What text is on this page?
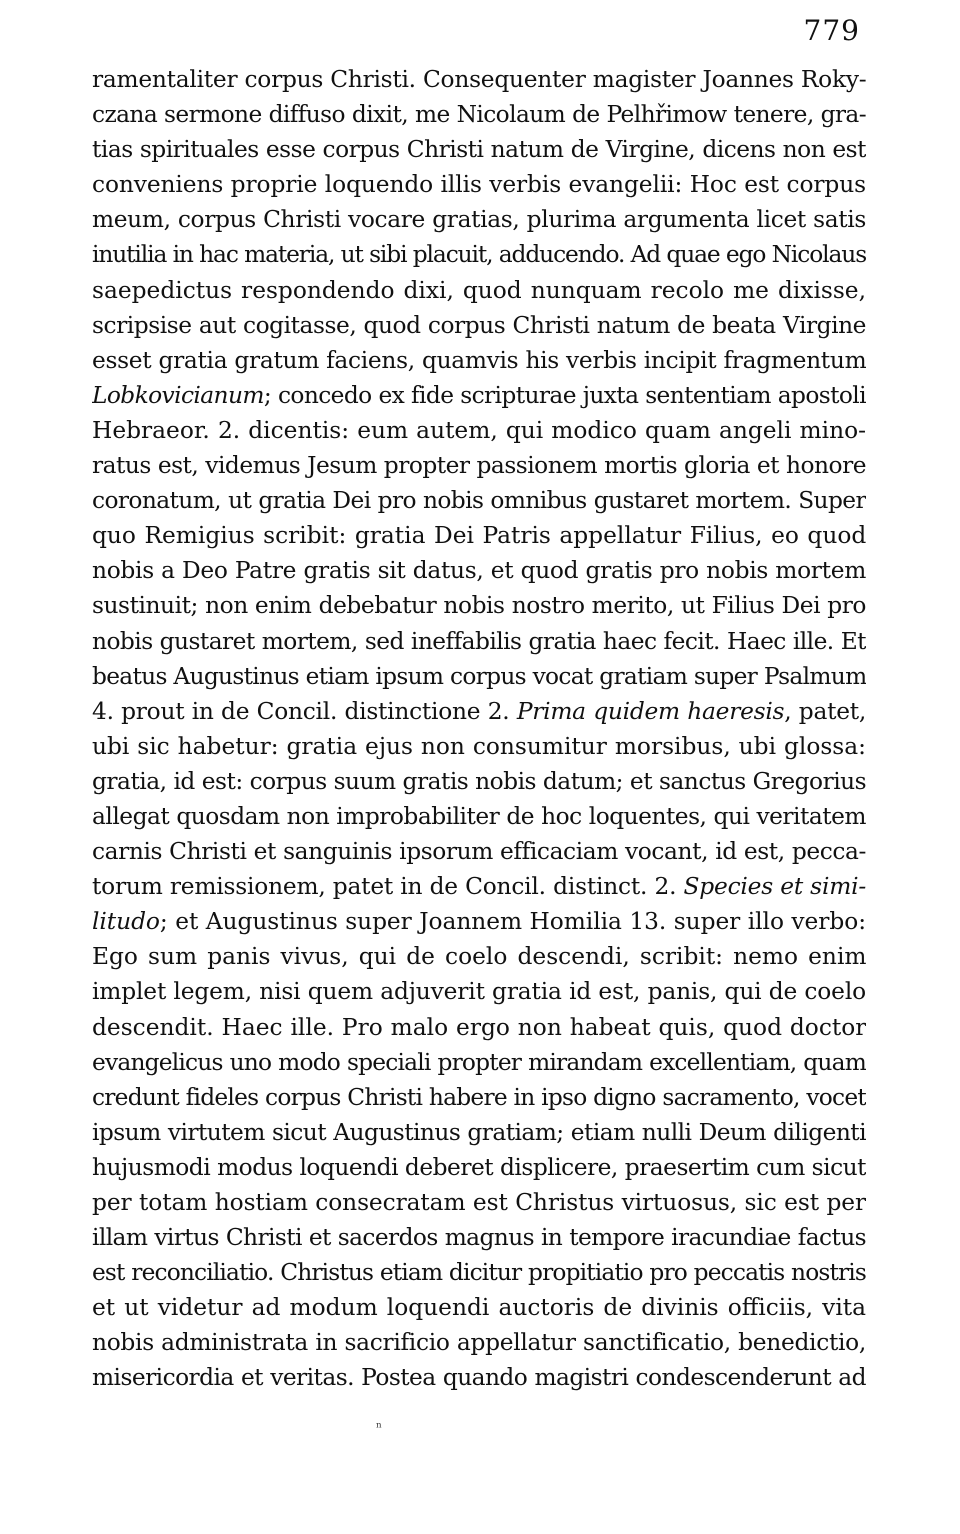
779
ramentaliter corpus Christi. Consequenter magister Joannes Roky-
czana sermone diffuso dixit, me Nicolaum de Pelhřimow tenere, gra-
tias spirituales esse corpus Christi natum de Virgine, dicens non est
conveniens proprie loquendo illis verbis evangelii: Hoc est corpus
meum, corpus Christi vocare gratias, plurima argumenta licet satis
inutilia in hac materia, ut sibi placuit, adducendo. Ad quae ego Nicolaus
saepedictus respondendo dixi, quod nunquam recolo me dixisse,
scripsise aut cogitasse, quod corpus Christi natum de beata Virgine
esset gratia gratum faciens, quamvis his verbis incipit fragmentum
Lobkovicianum; concedo ex fide scripturae juxta sententiam apostoli
Hebraeor. 2. dicentis: eum autem, qui modico quam angeli mino-
ratus est, videmus Jesum propter passionem mortis gloria et honore
coronatum, ut gratia Dei pro nobis omnibus gustaret mortem. Super
quo Remigius scribit: gratia Dei Patris appellatur Filius, eo quod
nobis a Deo Patre gratis sit datus, et quod gratis pro nobis mortem
sustinuit; non enim debebatur nobis nostro merito, ut Filius Dei pro
nobis gustaret mortem, sed ineffabilis gratia haec fecit. Haec ille. Et
beatus Augustinus etiam ipsum corpus vocat gratiam super Psalmum
4. prout in de Concil. distinctione 2. Prima quidem haeresis, patet,
ubi sic habetur: gratia ejus non consumitur morsibus, ubi glossa:
gratia, id est: corpus suum gratis nobis datum; et sanctus Gregorius
allegat quosdam non improbabiliter de hoc loquentes, qui veritatem
carnis Christi et sanguinis ipsorum efficaciam vocant, id est, pecca-
torum remissionem, patet in de Concil. distinct. 2. Species et simi-
litudo; et Augustinus super Joannem Homilia 13. super illo verbo:
Ego sum panis vivus, qui de coelo descendi, scribit: nemo enim
implet legem, nisi quem adjuverit gratia id est, panis, qui de coelo
descendit. Haec ille. Pro malo ergo non habeat quis, quod doctor
evangelicus uno modo speciali propter mirandam excellentiam, quam
credunt fideles corpus Christi habere in ipso digno sacramento, vocet
ipsum virtutem sicut Augustinus gratiam; etiam nulli Deum diligenti
hujusmodi modus loquendi deberet displicere, praesertim cum sicut
per totam hostiam consecratam est Christus virtuosus, sic est per
illam virtus Christi et sacerdos magnus in tempore iracundiae factus
est reconciliatio. Christus etiam dicitur propitiatio pro peccatis nostris
et ut videtur ad modum loquendi auctoris de divinis officiis, vita
nobis administrata in sacrificio appellatur sanctificatio, benedictio,
misericordia et veritas. Postea quando magistri condescenderunt ad
ⁿ
